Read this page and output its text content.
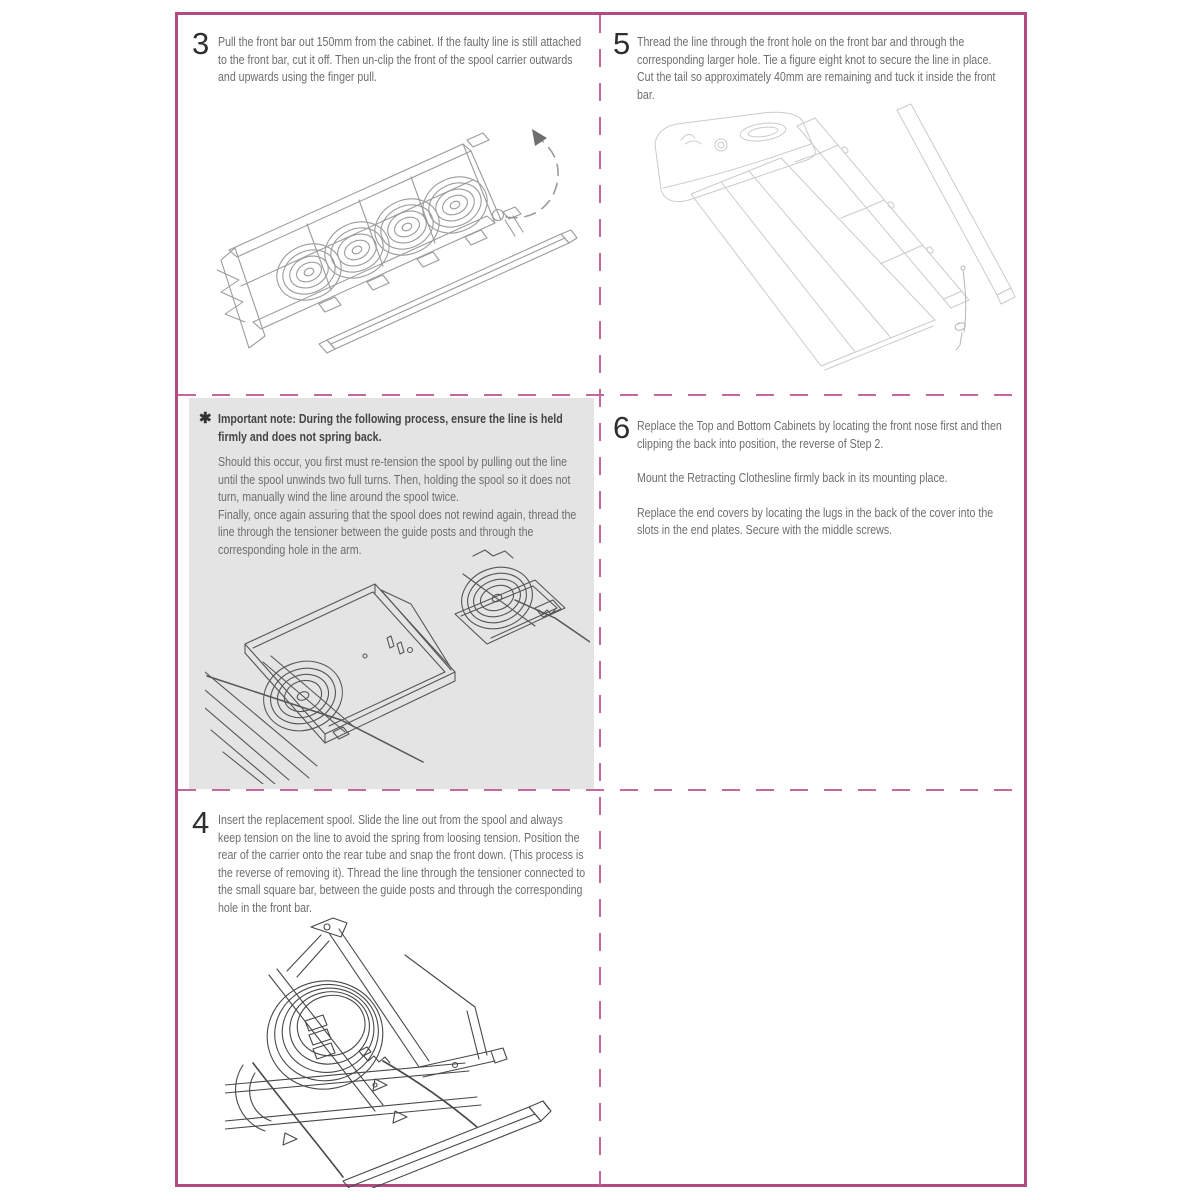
3 Pull the front bar out 150mm from the cabinet. If the faulty line is still attached to the front bar, cut it off. Then un-clip the front of the spool carrier outwards and upwards using the finger pull.

5 Thread the line through the front hole on the front bar and through the corresponding larger hole. Tie a figure eight knot to secure the line in place. Cut the tail so approximately 40mm are remaining and tuck it inside the front bar.

✱ Important note: During the following process, ensure the line is held firmly and does not spring back.

Should this occur, you first must re-tension the spool by pulling out the line until the spool unwinds two full turns. Then, holding the spool so it does not turn, manually wind the line around the spool twice.
Finally, once again assuring that the spool does not rewind again, thread the line through the tensioner between the guide posts and through the corresponding hole in the arm.
6 Replace the Top and Bottom Cabinets by locating the front nose first and then clipping the back into position, the reverse of Step 2.

Mount the Retracting Clothesline firmly back in its mounting place.

Replace the end covers by locating the lugs in the back of the cover into the slots in the end plates. Secure with the middle screws.

4 Insert the replacement spool. Slide the line out from the spool and always keep tension on the line to avoid the spring from loosing tension. Position the rear of the carrier onto the rear tube and snap the front down. (This process is the reverse of removing it). Thread the line through the tensioner connected to the small square bar, between the guide posts and through the corresponding hole in the front bar.
